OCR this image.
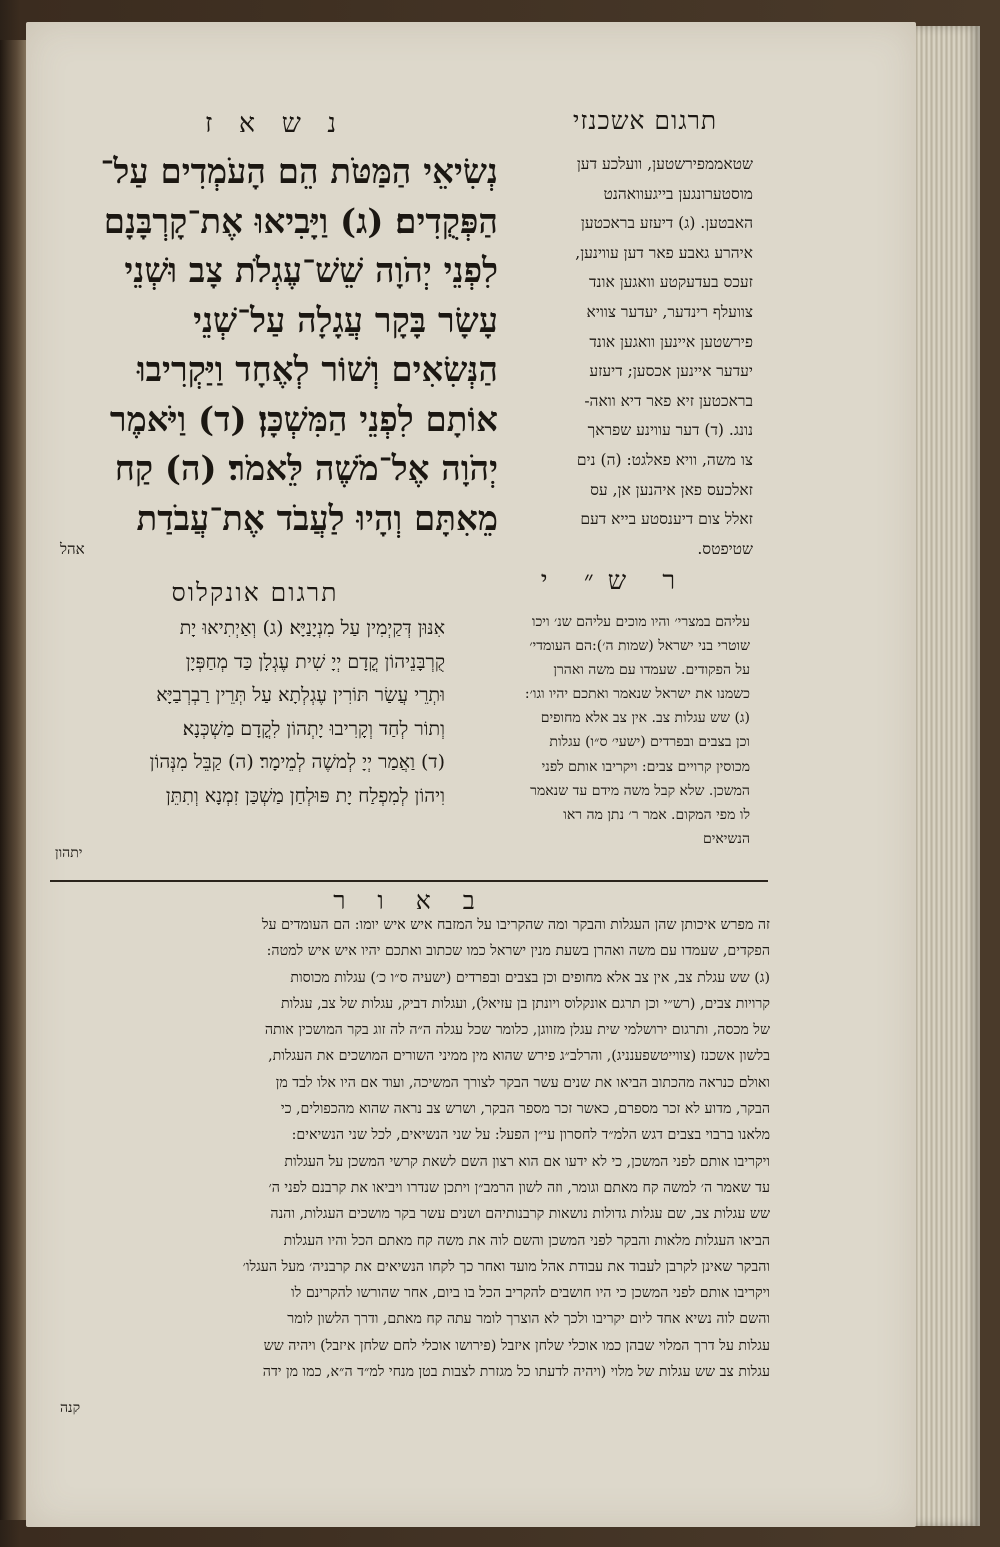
תרגום אשכנזי
נ ש א ז
שטאממפירשטען, וועלכע דען
מוסטערונגען בייגעוואהנט
האבטען. (ג) דיעזע בראכטען
איהרע גאבע פאר דען עווינען,
זעכס בעדעקטע וואגען אונד
צוועלף רינדער, יעדער צוויא
פירשטען איינען וואגען אונד
יעדער איינען אכסען; דיעזע
בראכטען זיא פאר דיא וואה-
נונג. (ד) דער עווינע שפראך
צו משה, וויא פאלגט: (ה) נים
זאלכעס פאן איהנען אן, עס
זאלל צום דיענסטע בייא דעם
שטיפטס.
נְשִׂיאֵי הַמַּטֹּת הֵם הָעֹמְדִים עַל־
הַפְּקֻדִים׃ (ג) וַיָּבִיאוּ אֶת־קָרְבָּנָם
לִפְנֵי יְהֹוָה שֵׁשׁ־עֶגְלֹת צָב וּשְׁנֵי
עָשָׂר בָּקָר עֲגָלָה עַל־שְׁנֵי
הַנְּשִׂאִים וְשׁוֹר לְאֶחָד וַיַּקְרִיבוּ
אוֹתָם לִפְנֵי הַמִּשְׁכָּן׃ (ד) וַיֹּאמֶר
יְהֹוָה אֶל־מֹשֶׁה לֵּאמֹר׃ (ה) קַח
מֵאִתָּם וְהָיוּ לַעֲבֹד אֶת־עֲבֹדַת
אהל
תרגום אונקלוס	ר ש״ י
אִנּוּן דְּקַיְמִין עַל מִנְיָנַיָּא׃ (ג) וְאַיְתִיאוּ יָת
קֻרְבָּנֵיהוֹן קֳדָם יְיָ שִׁית עֶגְלָן כַּד מְחַפְּיָן
וּתְרֵי עֲשַׂר תּוֹרִין עֶגְלְתָא עַל תְּרֵין רַבְרְבַיָּא
וְתוֹר לְחַד וְקָרִיבוּ יָתְהוֹן לִקֳדָם מַשְׁכְּנָא׃
(ד) וַאֲמַר יְיָ לְמשֶׁה לְמֵימָר׃ (ה) קַבֵּל מִנְּהוֹן
וִיהוֹן לְמִפְלַח יָת פּוּלְחַן מַשְׁכַּן זִמְנָא וְתִתֵּן
יתהון
עליהם במצרי׳ והיו מוכים עליהם שנ׳ ויכו
שוטרי בני ישראל (שמות ה׳):הם העומדי׳
על הפקודים. שעמדו עם משה ואהרן
כשמנו את ישראל שנאמר ואתכם יהיו וגו׳:
(ג) שש עגלות צב. אין צב אלא מחופים
וכן בצבים ובפרדים (ישעי׳ ס״ו) עגלות
מכוסין קרויים צבים: ויקריבו אותם לפני
המשכן. שלא קבל משה מידם עד שנאמר
לו מפי המקום. אמר ר׳ נתן מה ראו
הנשיאים
ב א ו ר
זה מפרש איכותן שהן העגלות והבקר ומה שהקריבו על המזבח איש איש יומו: הם העומדים על
הפקדים, שעמדו עם משה ואהרן בשעת מנין ישראל כמו שכתוב ואתכם יהיו איש איש למטה:
(ג) שש עגלת צב, אין צב אלא מחופים וכן בצבים ובפרדים (ישעיה ס״ו כ׳) עגלות מכוסות
קרויות צבים, (רש״י וכן תרגם אונקלוס ויונתן בן עזיאל), ועגלות דביק, עגלות של צב, עגלות
של מכסה, ותרגום ירושלמי שית עגלן מזווגן, כלומר שכל עגלה ה״ה לה זוג בקר המושכין אותה
בלשון אשכנז (צווייטשפענניג), והרלב״ג פירש שהוא מין ממיני השורים המושכים את העגלות,
ואולם כנראה מהכתוב הביאו את שנים עשר הבקר לצורך המשיכה, ועוד אם היו אלו לבד מן
הבקר, מדוע לא זכר מספרם, כאשר זכר מספר הבקר, ושרש צב נראה שהוא מהכפולים, כי
מלאנו ברבוי בצבים דגש הלמ״ד לחסרון עי״ן הפעל: על שני הנשיאים, לכל שני הנשיאים:
ויקריבו אותם לפני המשכן, כי לא ידעו אם הוא רצון השם לשאת קרשי המשכן על העגלות
עד שאמר ה׳ למשה קח מאתם וגומר, וזה לשון הרמב״ן ויתכן שנדרו ויביאו את קרבנם לפני ה׳
שש עגלות צב, שם עגלות גדולות נושאות קרבנותיהם ושנים עשר בקר מושכים העגלות, והנה
הביאו העגלות מלאות והבקר לפני המשכן והשם לוה את משה קח מאתם הכל והיו העגלות
והבקר שאינן לקרבן לעבוד את עבודת אהל מועד ואחר כך לקחו הנשיאים את קרבניה׳ מעל העגלו׳
ויקריבו אותם לפני המשכן כי היו חושבים להקריב הכל בו ביום, אחר שהורשו להקרינם לו
והשם לוה נשיא אחד ליום יקריבו ולכך לא הוצרך לומר עתה קח מאתם, ודרך הלשון לומר
עגלות על דרך המלוי שבהן כמו אוכלי שלחן איזבל (פירושו אוכלי לחם שלחן איזבל) ויהיה שש
עגלות צב שש עגלות של מלוי (ויהיה לדעתו כל מגזרת לצבות בטן מנחי למ״ד ה״א, כמו מן ידה
קנה
